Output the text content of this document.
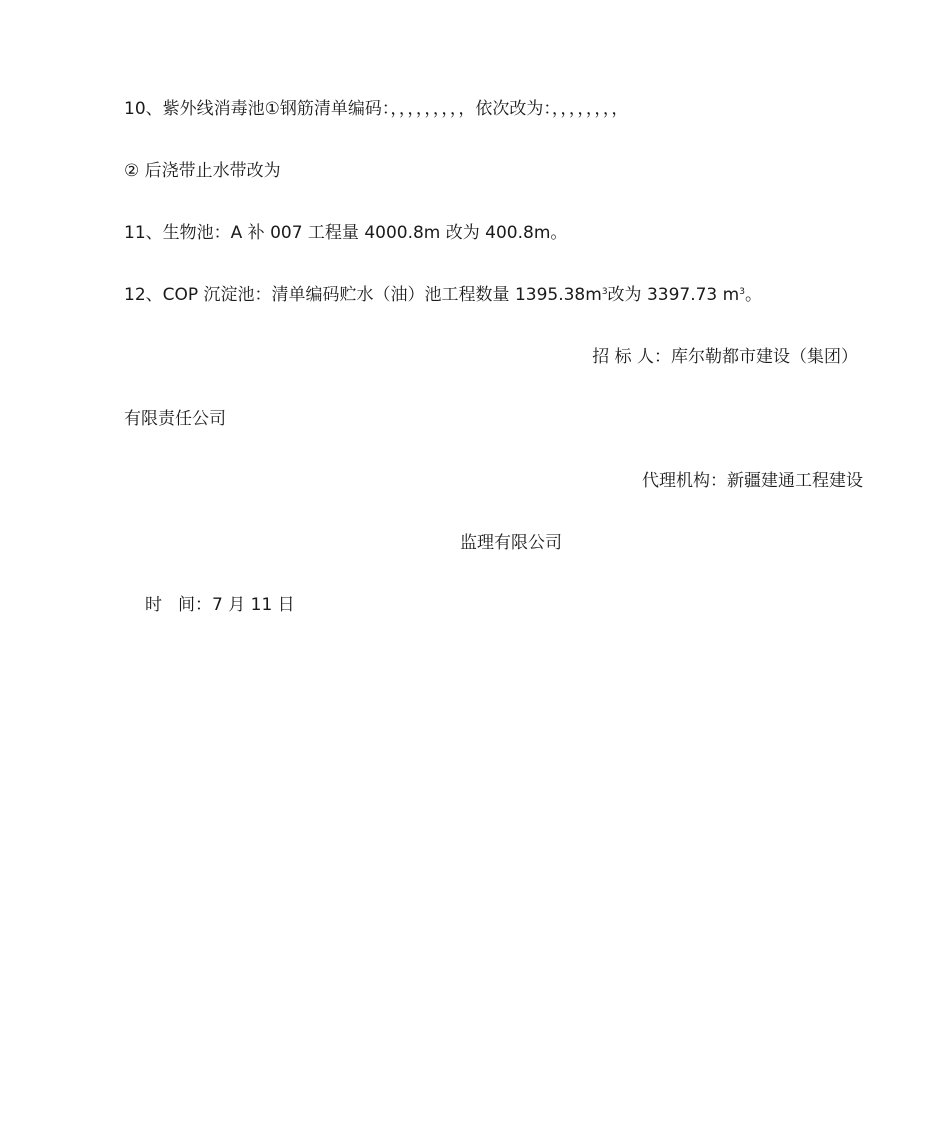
10、紫外线消毒池①钢筋清单编码：，，，，，，，，，依次改为：，，，，，，，，
② 后浇带止水带改为
11、生物池：A 补 007 工程量 4000.8m 改为 400.8m。
12、COP 沉淀池：清单编码贮水（油）池工程数量 $1395.38m^3$改为 3397.73 $m^3$。
招 标 人：库尔勒都市建设（集团）
有限责任公司
代理机构：新疆建通工程建设
监理有限公司
时 间：7 月 11 日
